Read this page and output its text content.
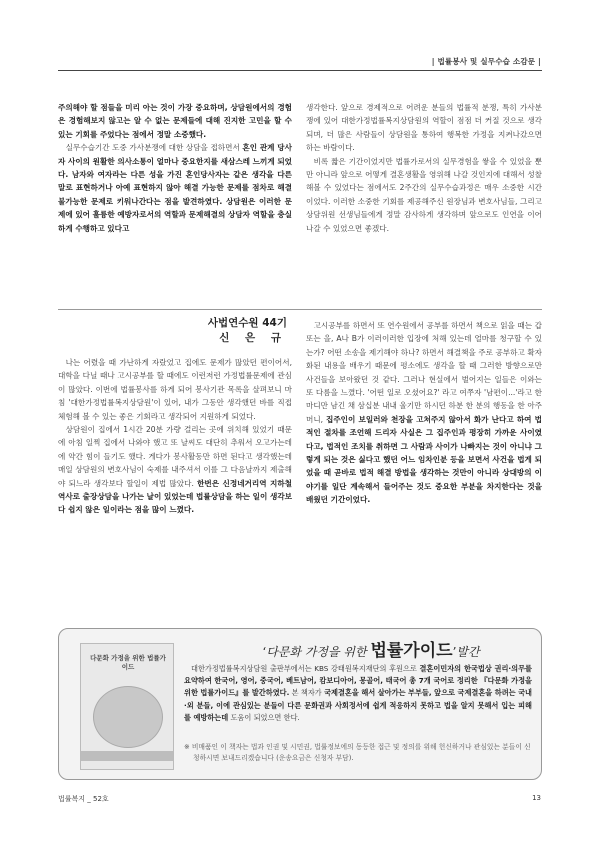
| 법률봉사 및 실무수습 소감문 |

주의해야 할 점들을 미리 아는 것이 가장 중요하며, 상담원에서의 경험은 경험해보지 않고는 알 수 없는 문제들에 대해 진지한 고민을 할 수 있는 기회를 주었다는 점에서 정말 소중했다.

실무수습기간 도중 가사분쟁에 대한 상담을 접하면서 혼인 관계 당사자 사이의 원활한 의사소통이 얼마나 중요한지를 새삼스레 느끼게 되었다. 남자와 여자라는 다른 성을 가진 혼인당사자는 같은 생각을 다른 말로 표현하거나 아예 표현하지 않아 해결 가능한 문제를 점차로 해결 불가능한 문제로 키워나간다는 점을 발견하였다. 상담원은 이러한 문제에 있어 훌륭한 예방자로서의 역할과 문제해결의 상담자 역할을 충실하게 수행하고 있다고

생각한다. 앞으로 경제적으로 어려운 분들의 법률적 분쟁, 특히 가사분쟁에 있어 대한가정법률복지상담원의 역할이 점점 더 커질 것으로 생각되며, 더 많은 사람들이 상담원을 통하여 행복한 가정을 지켜나갔으면 하는 바람이다.

비록 짧은 기간이었지만 법률가로서의 실무경험을 쌓을 수 있었을 뿐만 아니라 앞으로 어떻게 결혼생활을 영위해 나갈 것인지에 대해서 성찰해볼 수 있었다는 점에서도 2주간의 실무수습과정은 매우 소중한 시간이었다. 이러한 소중한 기회를 제공해주신 원장님과 변호사님들, 그리고 상담위원 선생님들에게 정말 감사하게 생각하며 앞으로도 인연을 이어나갈 수 있었으면 좋겠다.

사법연수원 44기
신 은 규

나는 어렸을 때 가난하게 자랐었고 집에도 문제가 많았던 편이어서, 대학을 다닐 때나 고시공부를 할 때에도 이런저런 가정법률문제에 관심이 많았다. 이번에 법률봉사를 하게 되어 봉사기관 목록을 살펴보니 마침 '대한가정법률복지상담원'이 있어, 내가 그동안 생각했던 바를 직접 체험해 볼 수 있는 좋은 기회라고 생각되어 지원하게 되었다.

상담원이 집에서 1시간 20분 가량 걸리는 곳에 위치해 있었기 때문에 아침 일찍 집에서 나와야 했고 또 날씨도 대단히 추워서 오고가는데에 약간 힘이 들기도 했다. 게다가 봉사활동만 하면 된다고 생각했는데 매일 상담원의 변호사님이 숙제를 내주셔서 이를 그 다음날까지 제출해야 되느라 생각보다 할일이 제법 많았다. 한번은 신정네거리역 지하철 역사로 출장상담을 나가는 날이 있었는데 법률상담을 하는 일이 생각보다 쉽지 않은 일이라는 점을 많이 느꼈다.

고시공부를 하면서 또 연수원에서 공부를 하면서 책으로 읽을 때는 갑 또는 을, A나 B가 이러이러한 입장에 처해 있는데 얼마를 청구할 수 있는가? 어떤 소송을 제기해야 하나? 하면서 해결책을 주로 공부하고 확자화된 내용을 배우기 때문에 평소에도 생각을 할 때 그러한 방향으로만 사건들을 보아왔던 것 같다. 그러나 현실에서 벌어지는 일들은 이와는 또 다름을 느꼈다. '어떤 일로 오셨어요?' 라고 여쭈자 '남편이...'라고 한마디만 남긴 채 삼십분 내내 울기만 하시던 하분 한 분의 행동을 한 아주머니, 집주인이 보일러와 천장을 고쳐주지 않아서 화가 난다고 하여 법적인 절차를 조언해 드리자 사실은 그 집주인과 평장히 가까운 사이였다고, 법적인 조치를 취하면 그 사람과 사이가 나빠지는 것이 아니냐 그렇게 되는 것은 싫다고 했던 어느 임차인분 등을 보면서 사건을 법게 되었을 때 곧바로 법적 해결 방법을 생각하는 것만이 아니라 상대방의 이야기를 일단 계속해서 들어주는 것도 중요한 부분을 차지한다는 것을 배웠던 기간이었다.

다문화 가정을 위한 법률가이드
‘다문화 가정을 위한 법률가이드’발간
대한가정법률복지상담원 출판부에서는 KBS 강태원복지재단의 후원으로 결혼이민자의 한국법상 권리·의무를 요약하여 한국어, 영어, 중국어, 베트남어, 캄보디아어, 몽골어, 태국어 총 7개 국어로 정리한 『다문화 가정을 위한 법률가이드』를 발간하였다. 본 책자가 국제결혼을 해서 살아가는 부부들, 앞으로 국제결혼을 하려는 국내·외 분들, 이에 관심있는 분들이 다른 문화권과 사회정서에 쉽게 적응하지 못하고 법을 알지 못해서 입는 피해를 예방하는데 도움이 되었으면 한다.
※ 비매품인 이 책자는 법과 인권 및 시민권, 법률정보에의 동등한 접근 및 정의를 위해 헌신하거나 관심있는 분들이 신청하시면 보내드리겠습니다 (운송요금은 신청자 부담).
법률복지 _ 52호	13
